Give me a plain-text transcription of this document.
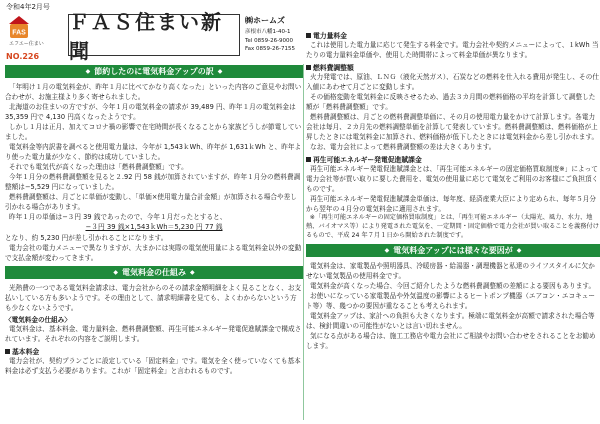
令和4年2月号
FAS
エフエー住まい
NO.226
ＦＡＳ住まい新聞
㈱ホームズ
彦根市八幡1-40-1
Tel 0859-26-9000
Fax 0859-26-7155
◆ 節約したのに電気料金アップの訳 ◆

「年明け１月の電気料金が、昨年１月に比べてかなり高くなった」といった内容のご意見やお問い合わせが、お施主様より多く寄せられました。

北海道のお住まいの方ですが、今年１月の電気料金の請求が 39,489 円、昨年１月の電気料金は 35,359 円で 4,130 円高くなったようです。

しかし１月は正月、加えてコロナ禍の影響で在宅時間が長くなることから家族どうしが節電していました。

電気料金等内訳書を調べると使用電力量は、今年が 1,543ｋWh、昨年が 1,631ｋWh と、昨年より使った電力量が少なく、節約は成功していました。

それでも電気代が高くなった理由は「燃料費調整額」です。

今年１月分の燃料費調整額を見ると２.92 円 58 銭が加算されていますが、昨年１月分の燃料費調整額は−5,529 円になっていました。

燃料費調整額は、月ごとに単価が変動し、「単価×使用電力量合計金額」が加算される場合や差し引かれる場合があります。

昨年１月の単価は−３円 39 銭であったので、今年１月だったとすると、

−３円 39 銭×1,543ｋWh＝5,230 円 77 銭

となり、約 5,230 円が差し引かれることになります。

電力会社の電力メニューで異なりますが、大まかには実際の電気使用量による電気料金以外の変動で支払金額が変わってきます。

◆ 電気料金の仕組み ◆

光熱費の一つである電気料金請求は、電力会社からのその請求金額明細をよく見ることなく、お支払いしている方も多いようです。その理由として、請求明細書を見ても、よくわからないという方も少なくないようです。

〈電気料金の仕組み〉

電気料金は、基本料金、電力量料金、燃料費調整額、再生可能エネルギー発電促進賦課金で構成されています。それぞれの内容をご説明します。

基本料金

電力会社が、契約プランごとに設定している「固定料金」です。電気を全く使っていなくても基本料金は必ず支払う必要があります。これが「固定料金」と言われるものです。

電力量料金

これは使用した電力量に応じて発生する料金です。電力会社や契約メニューによって、１kWh 当たりの電力量料金単価や、使用した時間帯によって料金単価が異なります。

燃料費調整額

火力発電では、原油、ＬＮＧ（液化天然ガス）、石炭などの燃料を仕入れる費用が発生し、その仕入値にあわせて月ごとに変動します。

その価格変動を電気料金に反映させるため、過去３カ月間の燃料価格の平均を計算して調整した額が「燃料費調整額」です。

燃料費調整額は、月ごとの燃料費調整単価に、その月の使用電力量をかけて計算します。各電力会社は毎月、２カ月先の燃料調整単価を計算して発表しています。燃料費調整額は、燃料価格が上昇したときには電気料金に加算され、燃料価格が低下したときには電気料金から差し引かれます。

なお、電力会社によって燃料費調整額の差は大きくあります。

再生可能エネルギー発電促進賦課金

再生可能エネルギー発電促進賦課金とは、「再生可能エネルギーの固定価格買取制度※」によって電力会社等が買い取りに要した費用を、電気の使用量に応じて電気をご利用のお客様にご負担頂くものです。

再生可能エネルギー発電促進賦課金単価は、毎年度、経済産業大臣により定められ、毎年５月分から翌年の４月分の電気料金に適用されます。

※「再生可能エネルギーの固定価格買取制度」とは、「再生可能エネルギー（太陽光、風力、水力、地熱、バイオマス等）により発電された電気を、一定期間・固定価格で電力会社が買い取ることを義務付けるもので、平成 24 年７月１日から開始された制度です。

◆ 電気料金アップには様々な要因が ◆

電気料金は、家電製品や照明器具、冷暖房器・給湯器・調理機器と私達のライフスタイルに欠かせない電気製品の使用料金です。

電気料金が高くなった場合、今回ご紹介したような燃料費調整額の差額による要因もあります。

お使いになっている家電製品や外気温度の影響によるヒートポンプ機器（エアコン・エコキュート等）等、幾つかの要因が重なることも考えられます。

電気料金アップは、家計への負担も大きくなります。極端に電気料金が高額で請求された場合等は、検針間違いの可能性がないとは言い切れません。

気になる点がある場合は、施工工務店や電力会社にご相談やお問い合わせをされることをお勧めします。
